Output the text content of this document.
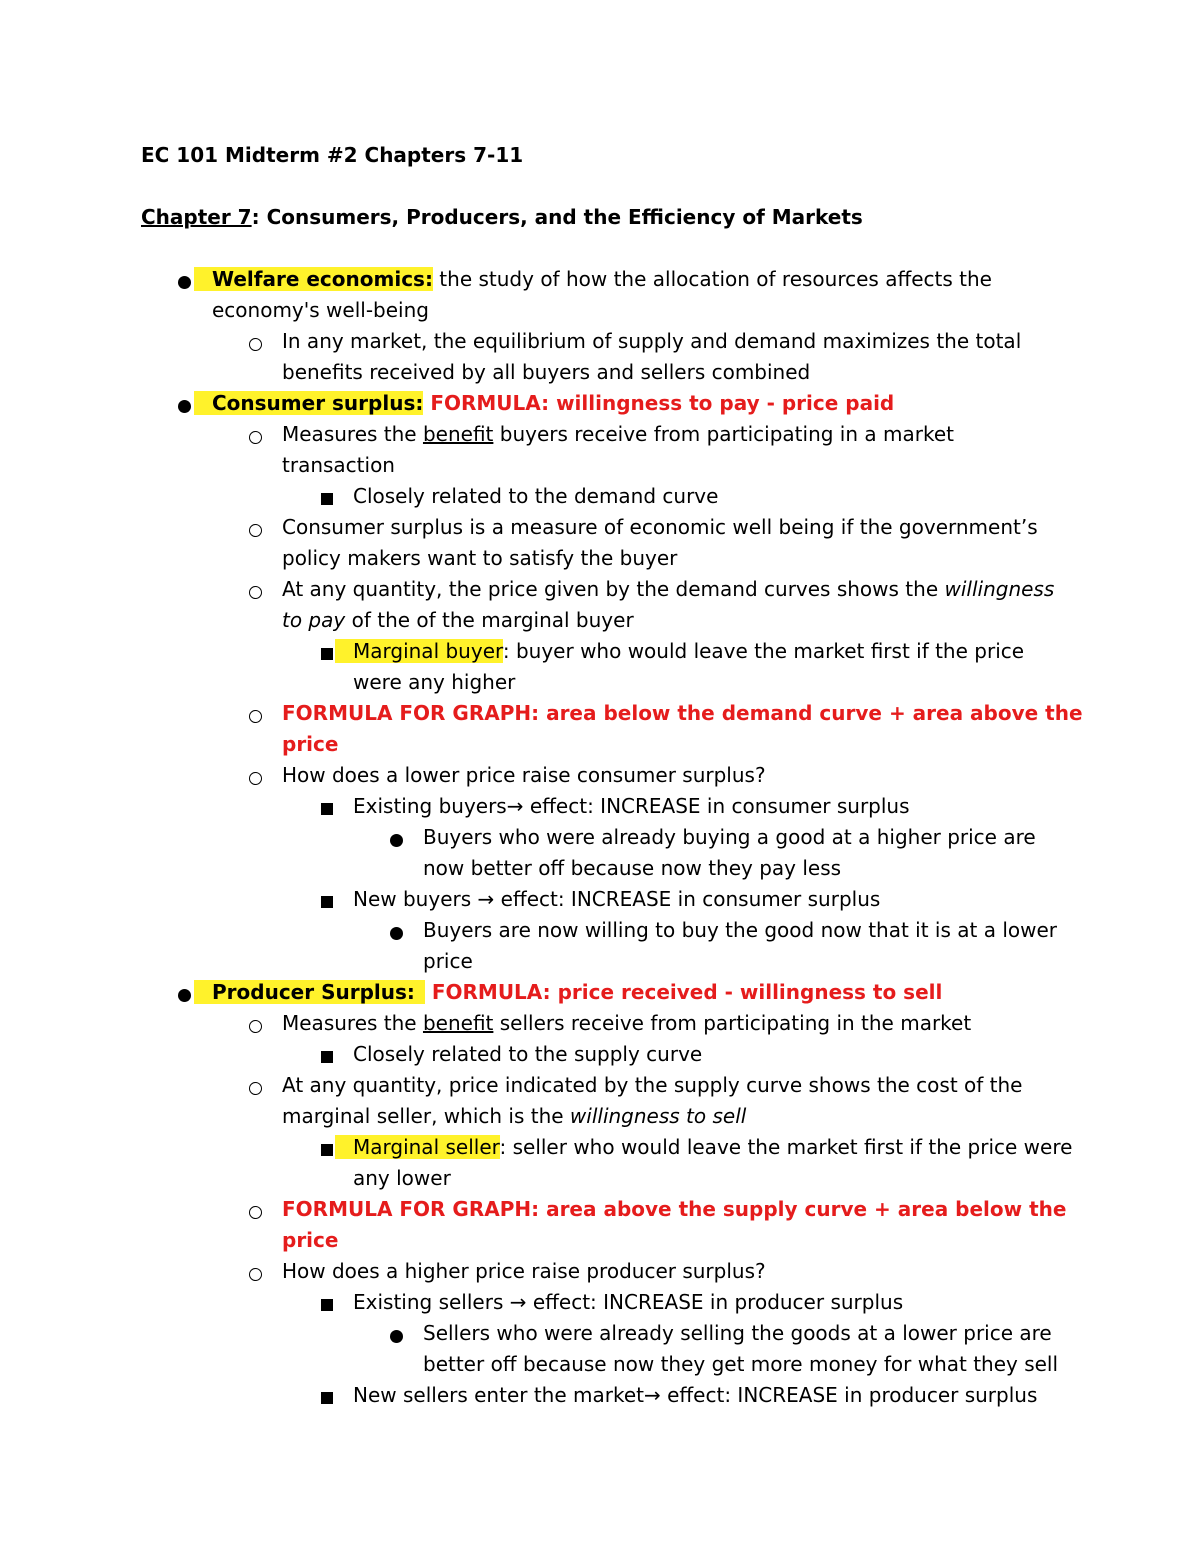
EC 101 Midterm #2 Chapters 7-11
Chapter 7: Consumers, Producers, and the Efficiency of Markets
Welfare economics: the study of how the allocation of resources affects the
economy's well-being
In any market, the equilibrium of supply and demand maximizes the total
benefits received by all buyers and sellers combined
Consumer surplus: FORMULA: willingness to pay - price paid
Measures the benefit buyers receive from participating in a market
transaction
Closely related to the demand curve
Consumer surplus is a measure of economic well being if the government’s
policy makers want to satisfy the buyer
At any quantity, the price given by the demand curves shows the willingness
to pay of the of the marginal buyer
Marginal buyer: buyer who would leave the market first if the price
were any higher
FORMULA FOR GRAPH: area below the demand curve + area above the
price
How does a lower price raise consumer surplus?
Existing buyers→ effect: INCREASE in consumer surplus
Buyers who were already buying a good at a higher price are
now better off because now they pay less
New buyers → effect: INCREASE in consumer surplus
Buyers are now willing to buy the good now that it is at a lower
price
Producer Surplus: FORMULA: price received - willingness to sell
Measures the benefit sellers receive from participating in the market
Closely related to the supply curve
At any quantity, price indicated by the supply curve shows the cost of the
marginal seller, which is the willingness to sell
Marginal seller: seller who would leave the market first if the price were
any lower
FORMULA FOR GRAPH: area above the supply curve + area below the
price
How does a higher price raise producer surplus?
Existing sellers → effect: INCREASE in producer surplus
Sellers who were already selling the goods at a lower price are
better off because now they get more money for what they sell
New sellers enter the market→ effect: INCREASE in producer surplus
